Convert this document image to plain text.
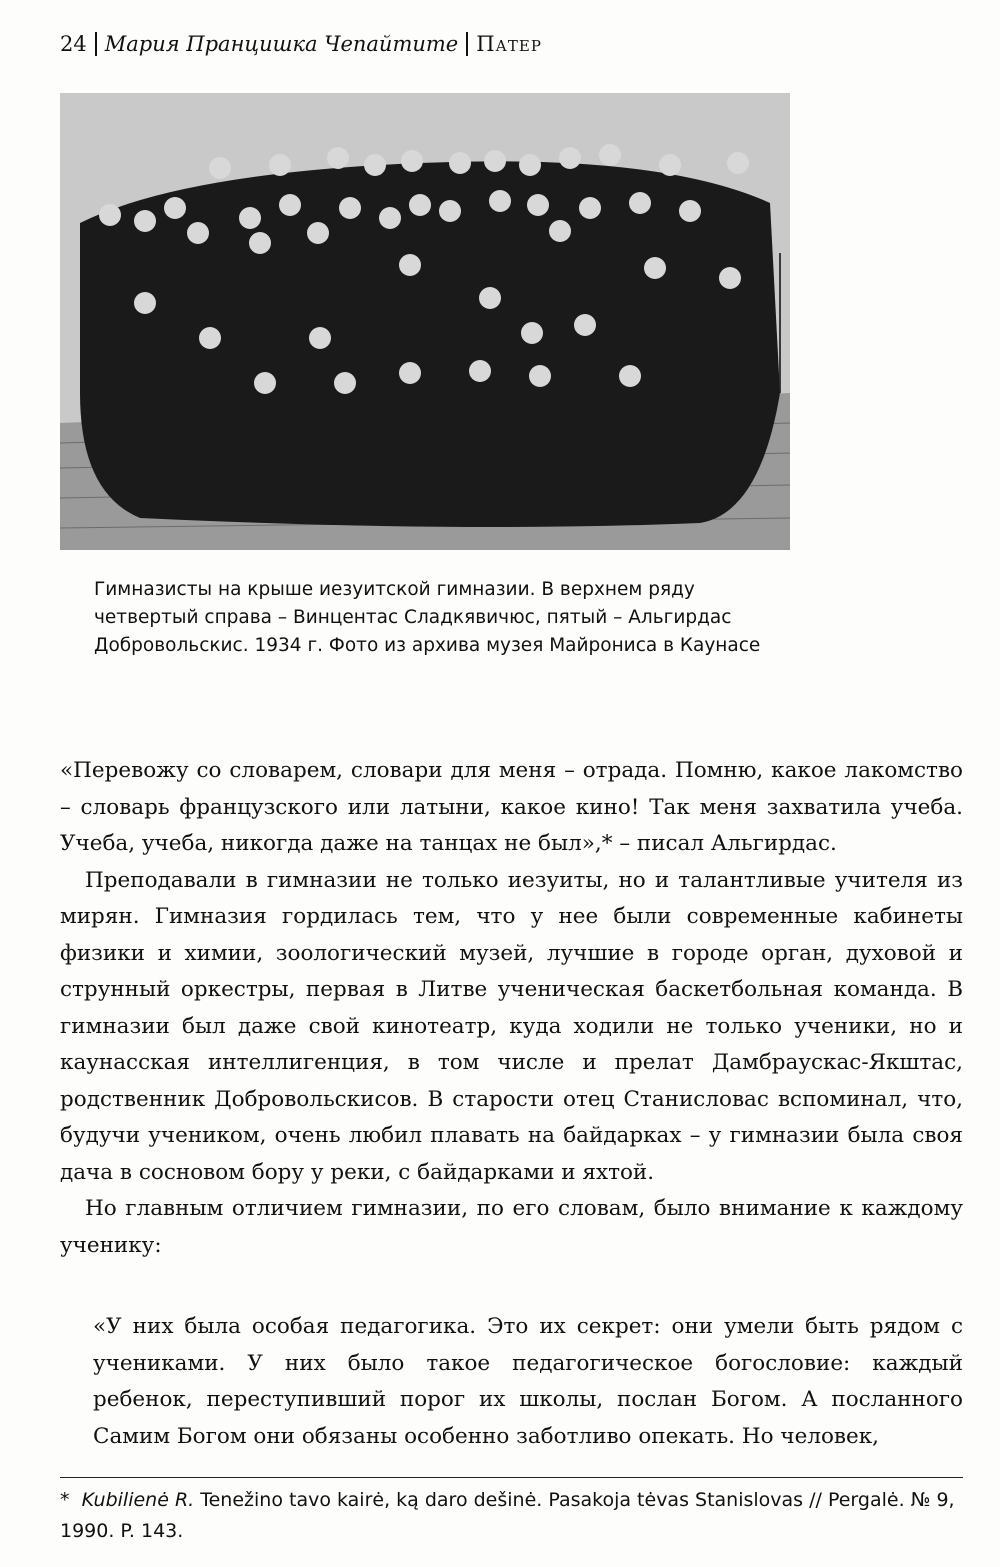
24 Мария Пранцишка Чепайтите Патер
Гимназисты на крыше иезуитской гимназии. В верхнем ряду четвертый справа – Винцентас Сладкявичюс, пятый – Альгирдас Добровольскис. 1934 г. Фото из архива музея Майрониса в Каунасе

«Перевожу со словарем, словари для меня – отрада. Помню, какое лакомство – словарь французского или латыни, какое кино! Так меня захватила учеба. Учеба, учеба, никогда даже на танцах не был»,* – писал Альгирдас.

Преподавали в гимназии не только иезуиты, но и талантливые учителя из мирян. Гимназия гордилась тем, что у нее были современные кабинеты физики и химии, зоологический музей, лучшие в городе орган, духовой и струнный оркестры, первая в Литве ученическая баскетбольная команда. В гимназии был даже свой кинотеатр, куда ходили не только ученики, но и каунасская интеллигенция, в том числе и прелат Дамбраускас-Якштас, родственник Добровольскисов. В старости отец Станисловас вспоминал, что, будучи учеником, очень любил плавать на байдарках – у гимназии была своя дача в сосновом бору у реки, с байдарками и яхтой.

Но главным отличием гимназии, по его словам, было внимание к каждому ученику:

«У них была особая педагогика. Это их секрет: они умели быть рядом с учениками. У них было такое педагогическое богословие: каждый ребенок, переступивший порог их школы, послан Богом. А посланного Самим Богом они обязаны особенно заботливо опекать. Но человек,

* Kubilienė R. Tenežino tavo kairė, ką daro dešinė. Pasakoja tėvas Stanislovas // Pergalė. № 9, 1990. P. 143.
